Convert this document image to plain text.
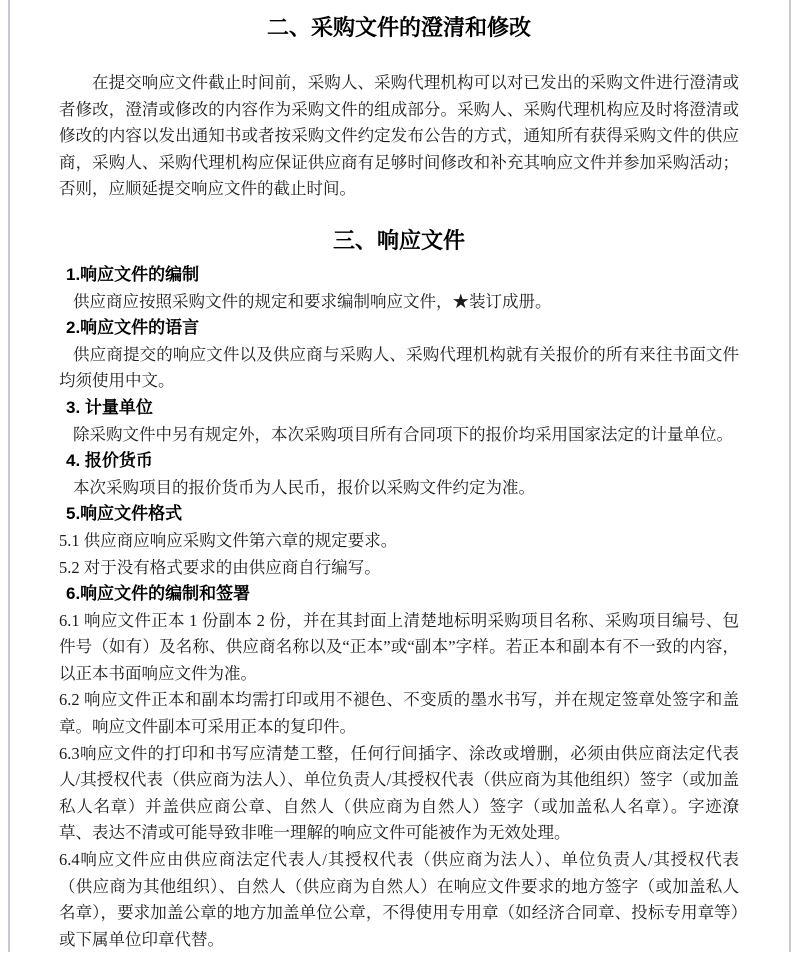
二、采购文件的澄清和修改

在提交响应文件截止时间前，采购人、采购代理机构可以对已发出的采购文件进行澄清或者修改，澄清或修改的内容作为采购文件的组成部分。采购人、采购代理机构应及时将澄清或修改的内容以发出通知书或者按采购文件约定发布公告的方式，通知所有获得采购文件的供应商，采购人、采购代理机构应保证供应商有足够时间修改和补充其响应文件并参加采购活动；否则，应顺延提交响应文件的截止时间。

三、响应文件
1.响应文件的编制

供应商应按照采购文件的规定和要求编制响应文件，★装订成册。

2.响应文件的语言

供应商提交的响应文件以及供应商与采购人、采购代理机构就有关报价的所有来往书面文件均须使用中文。

3. 计量单位

除采购文件中另有规定外，本次采购项目所有合同项下的报价均采用国家法定的计量单位。

4. 报价货币

本次采购项目的报价货币为人民币，报价以采购文件约定为准。

5.响应文件格式

5.1 供应商应响应采购文件第六章的规定要求。

5.2 对于没有格式要求的由供应商自行编写。

6.响应文件的编制和签署

6.1 响应文件正本 1 份副本 2 份，并在其封面上清楚地标明采购项目名称、采购项目编号、包件号（如有）及名称、供应商名称以及“正本”或“副本”字样。若正本和副本有不一致的内容，以正本书面响应文件为准。

6.2 响应文件正本和副本均需打印或用不褪色、不变质的墨水书写，并在规定签章处签字和盖章。响应文件副本可采用正本的复印件。

6.3响应文件的打印和书写应清楚工整，任何行间插字、涂改或增删，必须由供应商法定代表人/其授权代表（供应商为法人）、单位负责人/其授权代表（供应商为其他组织）签字（或加盖私人名章）并盖供应商公章、自然人（供应商为自然人）签字（或加盖私人名章）。字迹潦草、表达不清或可能导致非唯一理解的响应文件可能被作为无效处理。

6.4响应文件应由供应商法定代表人/其授权代表（供应商为法人）、单位负责人/其授权代表（供应商为其他组织）、自然人（供应商为自然人）在响应文件要求的地方签字（或加盖私人名章），要求加盖公章的地方加盖单位公章，不得使用专用章（如经济合同章、投标专用章等）或下属单位印章代替。
